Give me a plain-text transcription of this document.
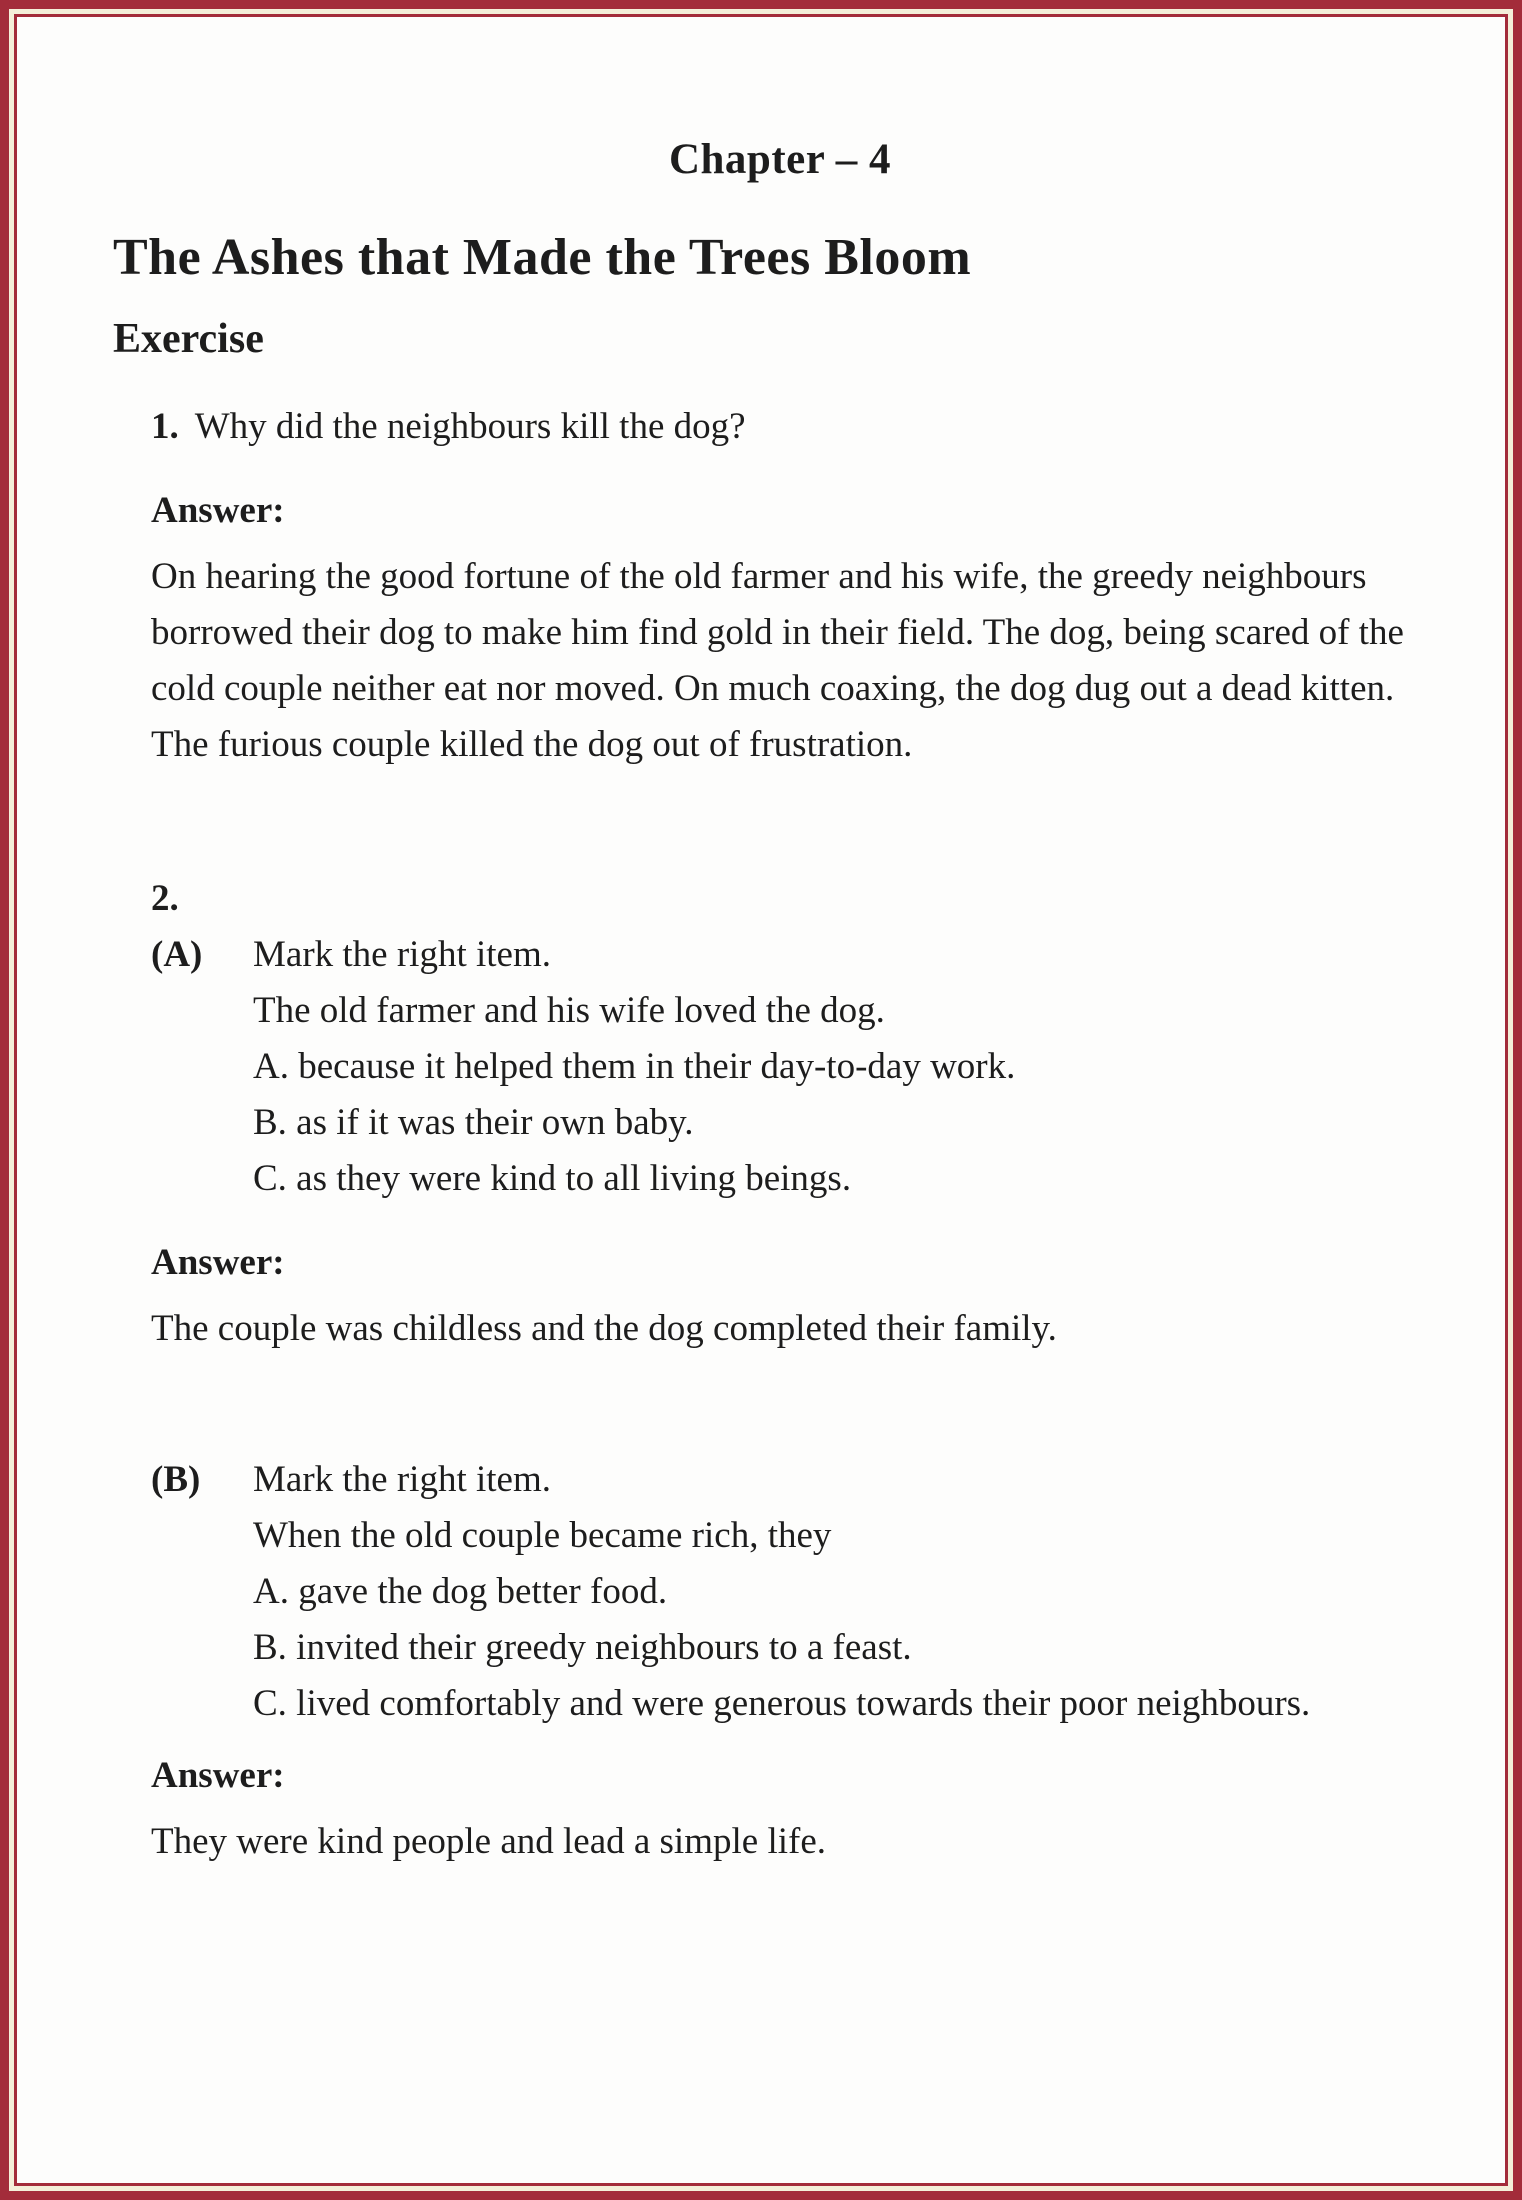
Chapter – 4
The Ashes that Made the Trees Bloom
Exercise

1. Why did the neighbours kill the dog?

Answer:

On hearing the good fortune of the old farmer and his wife, the greedy neighbours borrowed their dog to make him find gold in their field. The dog, being scared of the cold couple neither eat nor moved. On much coaxing, the dog dug out a dead kitten. The furious couple killed the dog out of frustration.

2.

(A)	Mark the right item.

The old farmer and his wife loved the dog.

A. because it helped them in their day-to-day work.

B. as if it was their own baby.

C. as they were kind to all living beings.

Answer:

The couple was childless and the dog completed their family.

(B)	Mark the right item.

When the old couple became rich, they

A. gave the dog better food.

B. invited their greedy neighbours to a feast.

C. lived comfortably and were generous towards their poor neighbours.

Answer:

They were kind people and lead a simple life.
